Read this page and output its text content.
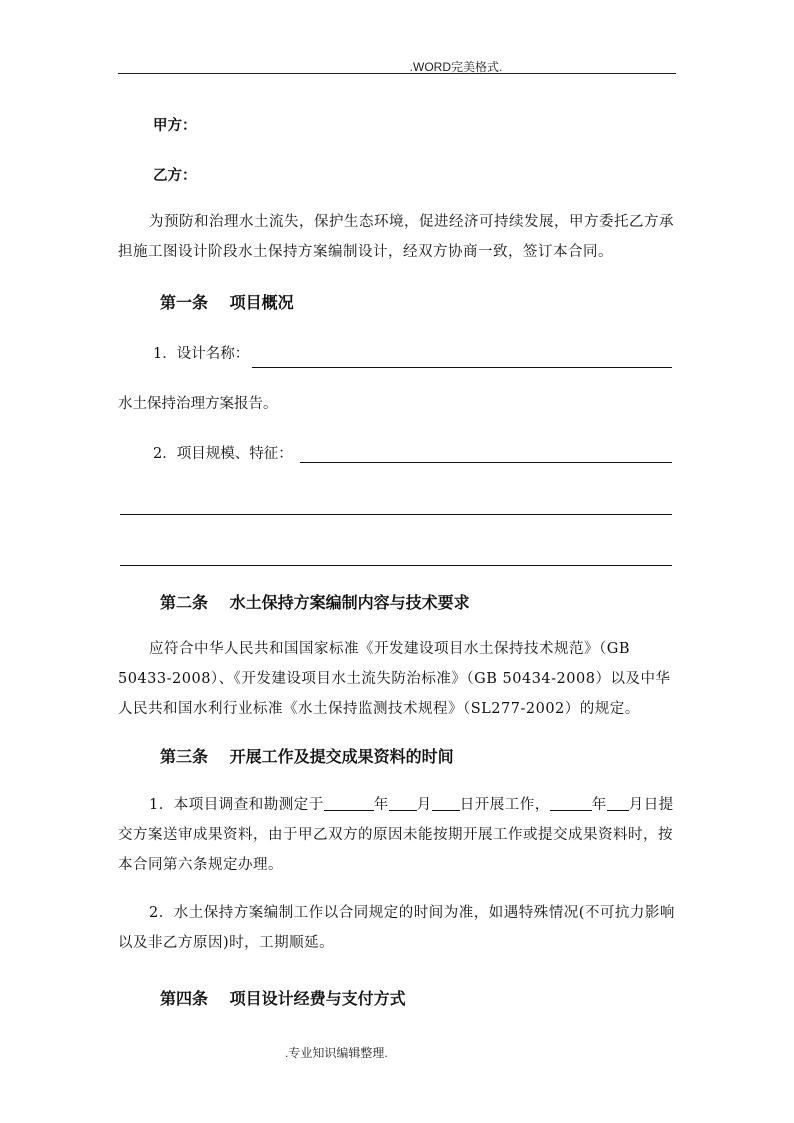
.WORD完美格式.
甲方：
乙方：
为预防和治理水土流失，保护生态环境，促进经济可持续发展，甲方委托乙方承担施工图设计阶段水土保持方案编制设计，经双方协商一致，签订本合同。
第一条　 项目概况
1．设计名称：
水土保持治理方案报告。
2．项目规模、特征：
第二条　 水土保持方案编制内容与技术要求
应符合中华人民共和国国家标准《开发建设项目水土保持技术规范》（GB 50433-2008）、《开发建设项目水土流失防治标准》（GB 50434-2008）以及中华人民共和国水利行业标准《水土保持监测技术规程》（SL277-2002）的规定。
第三条　 开展工作及提交成果资料的时间
1．本项目调查和勘测定于	年 月 日开展工作，	年 月日提交方案送审成果资料，由于甲乙双方的原因未能按期开展工作或提交成果资料时，按本合同第六条规定办理。
2．水土保持方案编制工作以合同规定的时间为准，如遇特殊情况(不可抗力影响以及非乙方原因)时，工期顺延。
第四条　 项目设计经费与支付方式
.专业知识编辑整理.
